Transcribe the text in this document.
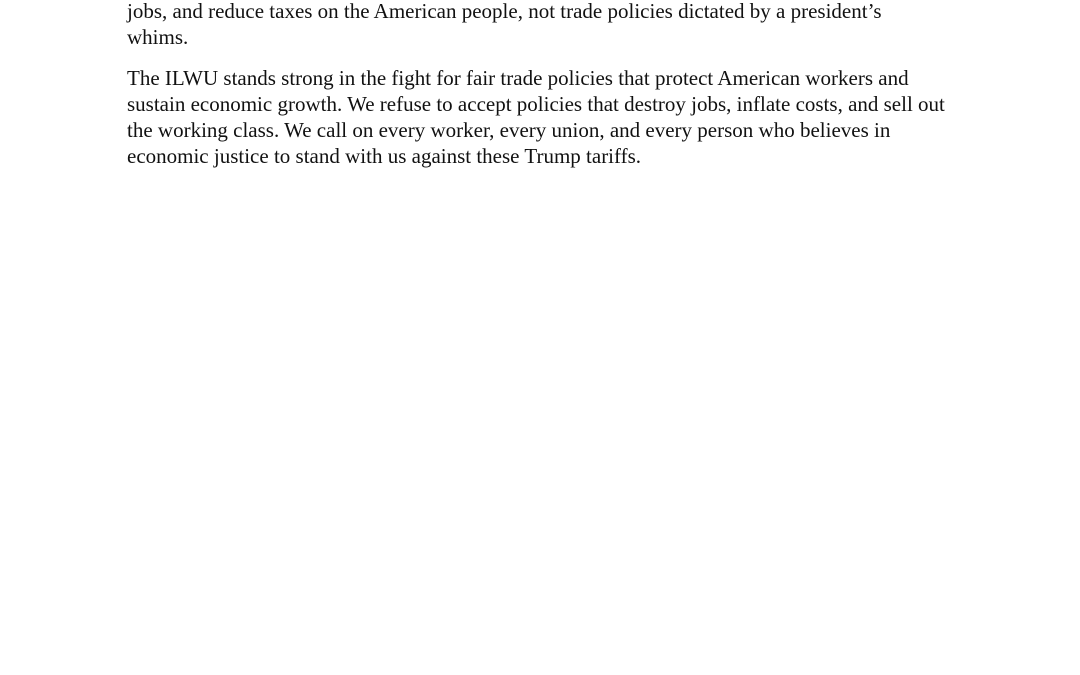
jobs, and reduce taxes on the American people, not trade policies dictated by a president’s
whims.

The ILWU stands strong in the fight for fair trade policies that protect American workers and
sustain economic growth. We refuse to accept policies that destroy jobs, inflate costs, and sell out
the working class. We call on every worker, every union, and every person who believes in
economic justice to stand with us against these Trump tariffs.
